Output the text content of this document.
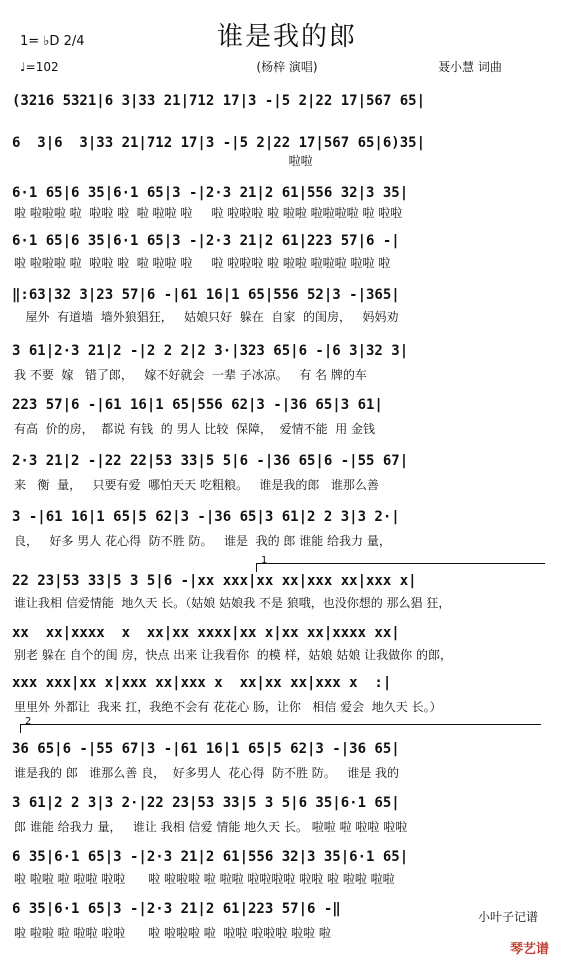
1= ♭D 2/4
♩=102
谁是我的郎
(杨梓 演唱)	聂小慧 词曲
(3216 5321|6 3|33 21|712 17|3 -|5 2|22 17|567 65|
6  3|6  3|33 21|712 17|3 -|5 2|22 17|567 65|6)35|
啦啦
6·1 65|6 35|6·1 65|3 -|2·3 21|2 61|556 32|3 35|
啦 啦啦啦 啦  啦啦 啦  啦 啦啦 啦     啦 啦啦啦 啦 啦啦 啦啦啦啦 啦 啦啦
6·1 65|6 35|6·1 65|3 -|2·3 21|2 61|223 57|6 -|
啦 啦啦啦 啦  啦啦 啦  啦 啦啦 啦     啦 啦啦啦 啦 啦啦 啦啦啦 啦啦 啦
‖:63|32 3|23 57|6 -|61 16|1 65|556 52|3 -|365|
屋外  有道墙  墙外狼猖狂，   姑娘只好  躲在  自家  的闺房，   妈妈劝
3 61|2·3 21|2 -|2 2 2|2 3·|323 65|6 -|6 3|32 3|
我 不要  嫁   错了郎，   嫁不好就会  一辈 子冰凉。   有 名 牌的车
223 57|6 -|61 16|1 65|556 62|3 -|36 65|3 61|
有高  价的房，  都说 有钱  的 男人 比较  保障，  爱情不能  用 金钱
2·3 21|2 -|22 22|53 33|5 5|6 -|36 65|6 -|55 67|
来   衡  量，   只要有爱  哪怕天天 吃粗粮。   谁是我的郎   谁那么善
3 -|61 16|1 65|5 62|3 -|36 65|3 61|2 2 3|3 2·|
良，   好多 男人 花心得  防不胜 防。   谁是  我的 郎 谁能 给我力 量，
1
22 23|53 33|5 3 5|6 -|xx xxx|xx xx|xxx xx|xxx x|
谁让我相 信爱情能  地久天 长。（姑娘 姑娘我 不是 狼哦，也没你想的 那么猖 狂，
xx  xx|xxxx  x  xx|xx xxxx|xx x|xx xx|xxxx xx|
别老 躲在 自个的闺 房，快点 出来 让我看你  的模 样，姑娘 姑娘 让我做你 的郎，
xxx xxx|xx x|xxx xx|xxx x  xx|xx xx|xxx x  :|
里里外 外都让  我来 扛，我绝不会有 花花心 肠，让你   相信 爱会  地久天 长。）
2
36 65|6 -|55 67|3 -|61 16|1 65|5 62|3 -|36 65|
谁是我的 郎   谁那么善 良，  好多男人  花心得  防不胜 防。   谁是 我的
3 61|2 2 3|3 2·|22 23|53 33|5 3 5|6 35|6·1 65|
郎 谁能 给我力 量，   谁让 我相 信爱 情能 地久天 长。 啦啦 啦 啦啦 啦啦
6 35|6·1 65|3 -|2·3 21|2 61|556 32|3 35|6·1 65|
啦 啦啦 啦 啦啦 啦啦      啦 啦啦啦 啦 啦啦 啦啦啦啦 啦啦 啦 啦啦 啦啦
6 35|6·1 65|3 -|2·3 21|2 61|223 57|6 -‖
啦 啦啦 啦 啦啦 啦啦      啦 啦啦啦 啦  啦啦 啦啦啦 啦啦 啦
小叶子记谱
琴艺谱
